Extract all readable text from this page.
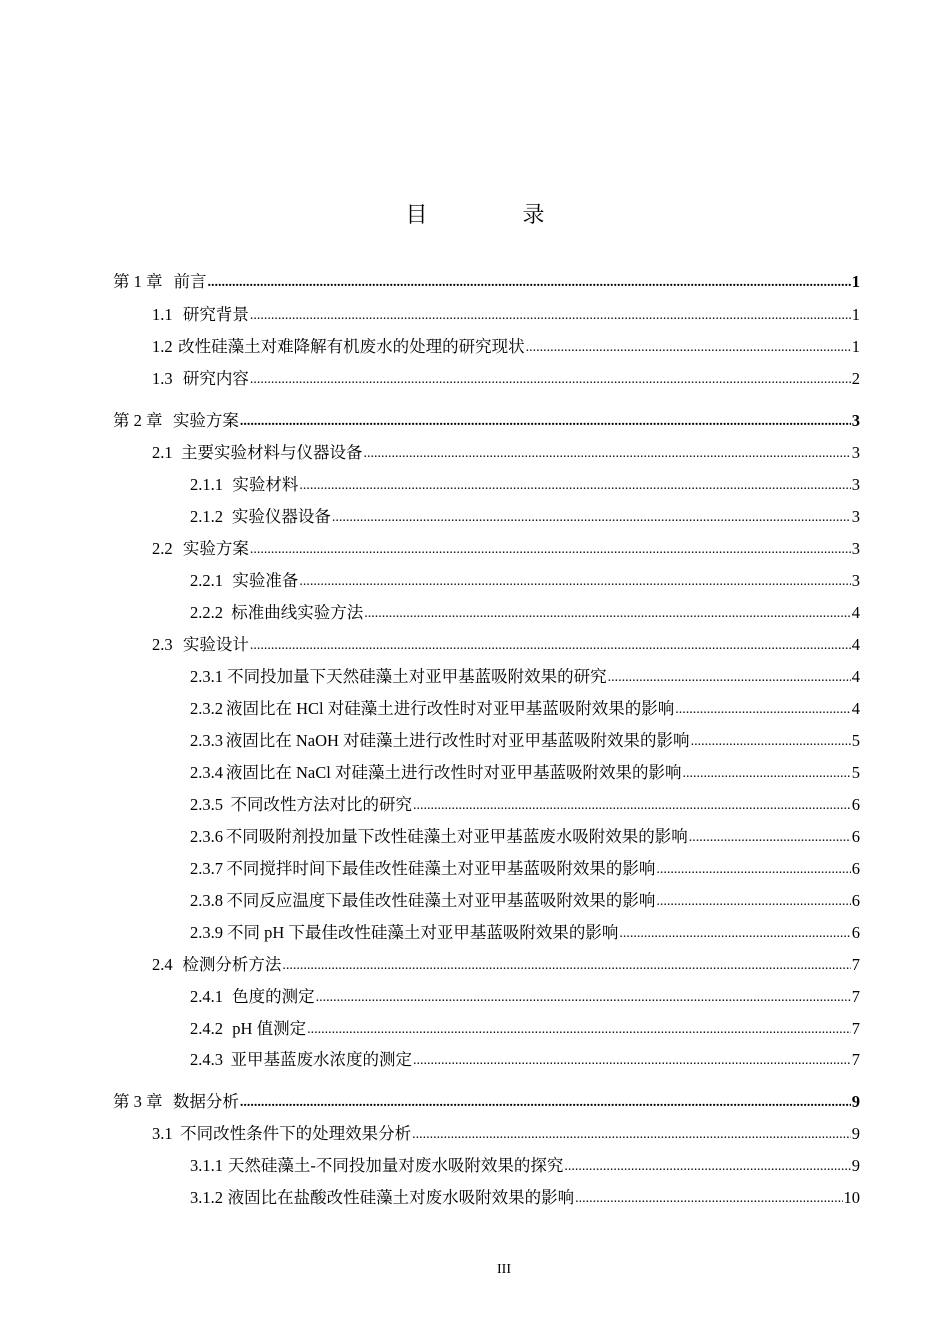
目 录
第 1 章 前言 .....	1
1.1 研究背景 .....	1
1.2 改性硅藻土对难降解有机废水的处理的研究现状 .....	1
1.3 研究内容 .....	2
第 2 章 实验方案 .....	3
2.1 主要实验材料与仪器设备 .....	3
2.1.1 实验材料 .....	3
2.1.2 实验仪器设备 .....	3
2.2 实验方案 .....	3
2.2.1 实验准备 .....	3
2.2.2 标准曲线实验方法 .....	4
2.3 实验设计 .....	4
2.3.1 不同投加量下天然硅藻土对亚甲基蓝吸附效果的研究 .....	4
2.3.2 液固比在 HCl 对硅藻土进行改性时对亚甲基蓝吸附效果的影响 .....	4
2.3.3 液固比在 NaOH 对硅藻土进行改性时对亚甲基蓝吸附效果的影响 .....	5
2.3.4 液固比在 NaCl 对硅藻土进行改性时对亚甲基蓝吸附效果的影响 .....	5
2.3.5 不同改性方法对比的研究 .....	6
2.3.6 不同吸附剂投加量下改性硅藻土对亚甲基蓝废水吸附效果的影响 .....	6
2.3.7 不同搅拌时间下最佳改性硅藻土对亚甲基蓝吸附效果的影响 .....	6
2.3.8 不同反应温度下最佳改性硅藻土对亚甲基蓝吸附效果的影响 .....	6
2.3.9 不同 pH 下最佳改性硅藻土对亚甲基蓝吸附效果的影响 .....	6
2.4 检测分析方法 .....	7
2.4.1 色度的测定 .....	7
2.4.2 pH 值测定 .....	7
2.4.3 亚甲基蓝废水浓度的测定 .....	7
第 3 章 数据分析 .....	9
3.1 不同改性条件下的处理效果分析 .....	9
3.1.1 天然硅藻土-不同投加量对废水吸附效果的探究 .....	9
3.1.2 液固比在盐酸改性硅藻土对废水吸附效果的影响 .....	10
III
